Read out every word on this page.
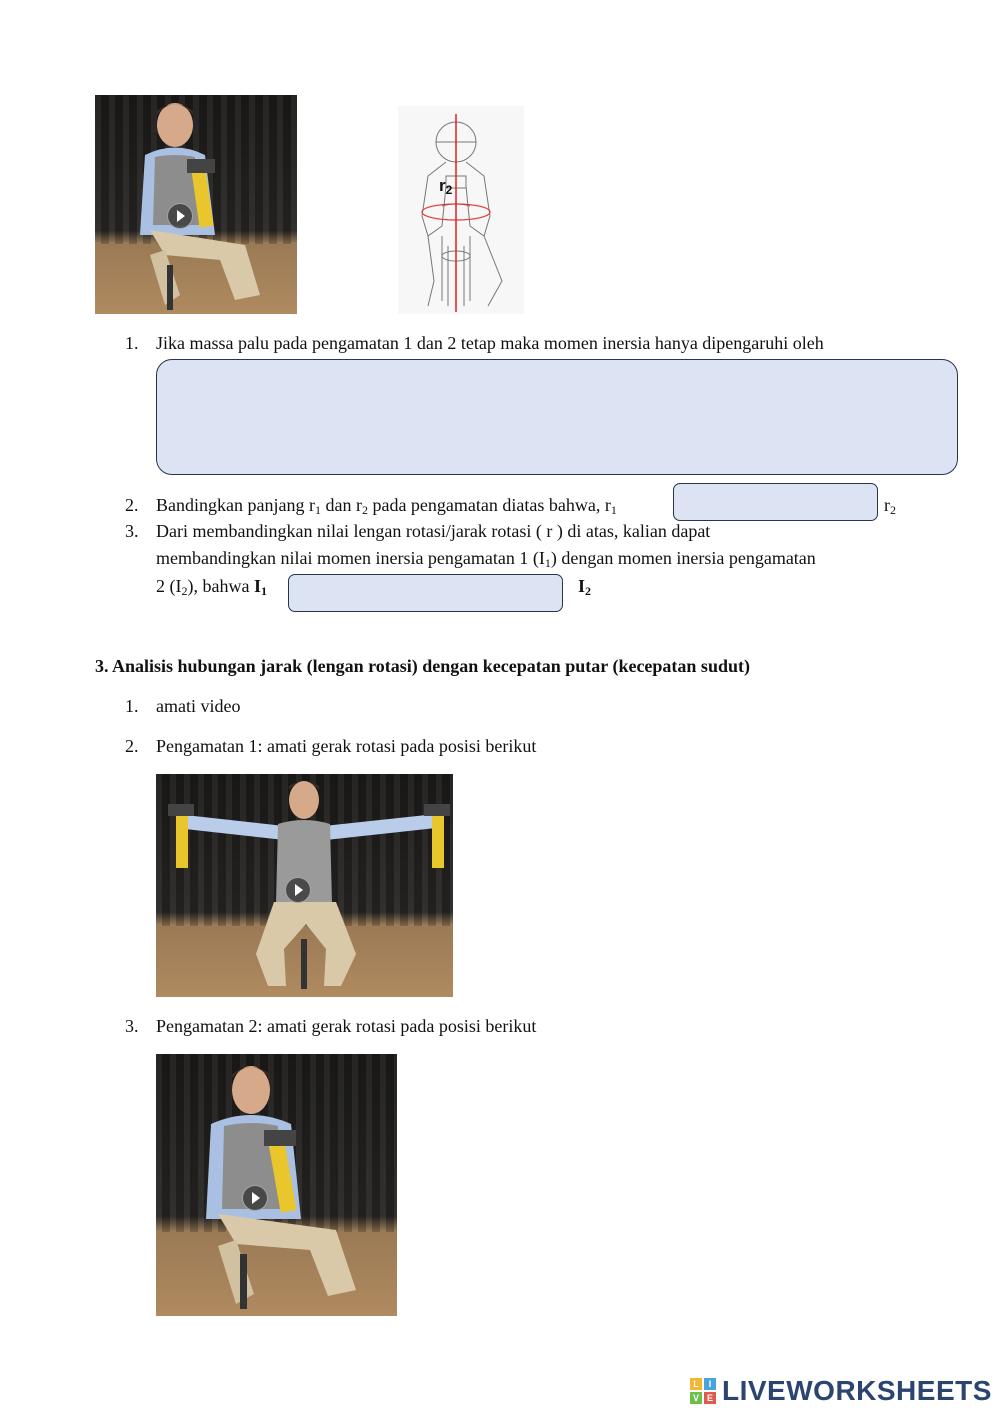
$r_2$
1. Jika massa palu pada pengamatan 1 dan 2 tetap maka momen inersia hanya dipengaruhi oleh
2. Bandingkan panjang $r_1$ dan $r_2$ pada pengamatan diatas bahwa, $r_1$	$r_2$
3. Dari membandingkan nilai lengan rotasi/jarak rotasi ( r ) di atas, kalian dapat
membandingkan nilai momen inersia pengamatan 1 $(I_1)$ dengan momen inersia pengamatan
2 $(I_2)$, bahwa $I_1$	$I_2$
3. Analisis hubungan jarak (lengan rotasi) dengan kecepatan putar (kecepatan sudut)
1. amati video
2. Pengamatan 1: amati gerak rotasi pada posisi berikut
3. Pengamatan 2: amati gerak rotasi pada posisi berikut
L	I
V E LIVEWORKSHEETS
